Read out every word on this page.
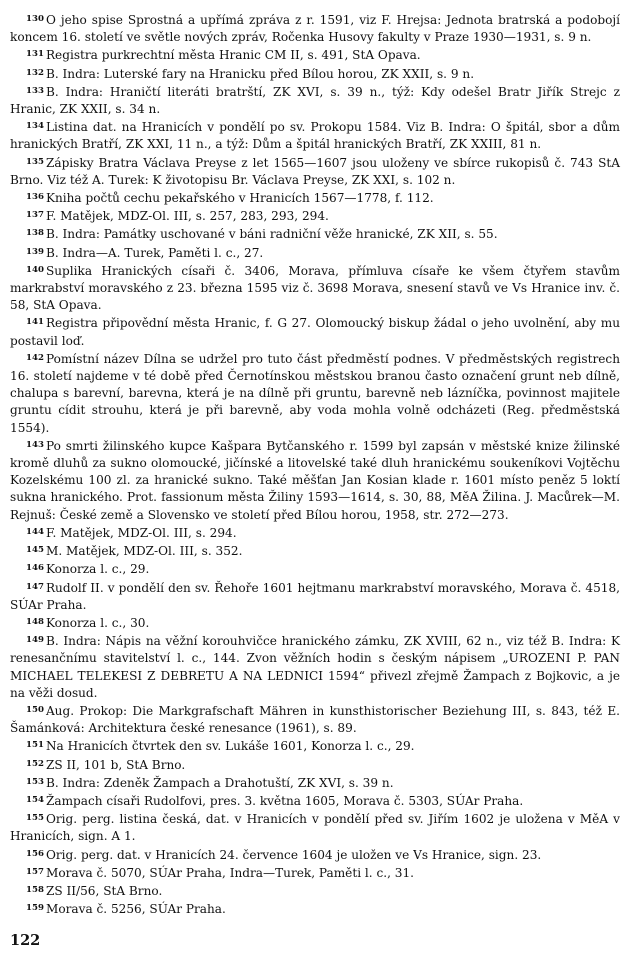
130 O jeho spise Sprostná a upřímá zpráva z r. 1591, viz F. Hrejsa: Jednota bratrská a podobojí koncem 16. století ve světle nových zpráv, Ročenka Husovy fakulty v Praze 1930—1931, s. 9 n.
131 Registra purkrechtní města Hranic CM II, s. 491, StA Opava.
132 B. Indra: Luterské fary na Hranicku před Bílou horou, ZK XXII, s. 9 n.
133 B. Indra: Hraničtí literáti bratrští, ZK XVI, s. 39 n., týž: Kdy odešel Bratr Jiřík Strejc z Hranic, ZK XXII, s. 34 n.
134 Listina dat. na Hranicích v pondělí po sv. Prokopu 1584. Viz B. Indra: O špitál, sbor a dům hranických Bratří, ZK XXI, 11 n., a týž: Dům a špitál hranických Bratří, ZK XXIII, 81 n.
135 Zápisky Bratra Václava Preyse z let 1565—1607 jsou uloženy ve sbírce rukopisů č. 743 StA Brno. Viz též A. Turek: K životopisu Br. Václava Preyse, ZK XXI, s. 102 n.
136 Kniha počtů cechu pekařského v Hranicích 1567—1778, f. 112.
137 F. Matějek, MDZ-Ol. III, s. 257, 283, 293, 294.
138 B. Indra: Památky uschované v báni radniční věže hranické, ZK XII, s. 55.
139 B. Indra—A. Turek, Paměti l. c., 27.
140 Suplika Hranických císaři č. 3406, Morava, přímluva císaře ke všem čtyřem stavům markrabství moravského z 23. března 1595 viz č. 3698 Morava, snesení stavů ve Vs Hranice inv. č. 58, StA Opava.
141 Registra připovědní města Hranic, f. G 27. Olomoucký biskup žádal o jeho uvolnění, aby mu postavil loď.
142 Pomístní název Dílna se udržel pro tuto část předměstí podnes. V předměstských registrech 16. století najdeme v té době před Černotínskou městskou branou často označení grunt neb dílně, chalupa s barevní, barevna, která je na dílně při gruntu, barevně neb lázníčka, povinnost majitele gruntu cídit strouhu, která je při barevně, aby voda mohla volně odcházeti (Reg. předměstská 1554).
143 Po smrti žilinského kupce Kašpara Bytčanského r. 1599 byl zapsán v městské knize žilinské kromě dluhů za sukno olomoucké, jičínské a litovelské také dluh hranickému soukeníkovi Vojtěchu Kozelskému 100 zl. za hranické sukno. Také měšťan Jan Kosian klade r. 1601 místo peněz 5 loktí sukna hranického. Prot. fassionum města Žiliny 1593—1614, s. 30, 88, MěA Žilina. J. Macůrek—M. Rejnuš: České země a Slovensko ve století před Bílou horou, 1958, str. 272—273.
144 F. Matějek, MDZ-Ol. III, s. 294.
145 M. Matějek, MDZ-Ol. III, s. 352.
146 Konorza l. c., 29.
147 Rudolf II. v pondělí den sv. Řehoře 1601 hejtmanu markrabství moravského, Morava č. 4518, SÚAr Praha.
148 Konorza l. c., 30.
149 B. Indra: Nápis na věžní korouhvičce hranického zámku, ZK XVIII, 62 n., viz též B. Indra: K renesančnímu stavitelství l. c., 144. Zvon věžních hodin s českým nápisem „UROZENI P. PAN MICHAEL TELEKESI Z DEBRETU A NA LEDNICI 1594“ přivezl zřejmě Žampach z Bojkovic, a je na věži dosud.
150 Aug. Prokop: Die Markgrafschaft Mähren in kunsthistorischer Beziehung III, s. 843, též E. Šamánková: Architektura české renesance (1961), s. 89.
151 Na Hranicích čtvrtek den sv. Lukáše 1601, Konorza l. c., 29.
152 ZS II, 101 b, StA Brno.
153 B. Indra: Zdeněk Žampach a Drahotuští, ZK XVI, s. 39 n.
154 Žampach císaři Rudolfovi, pres. 3. května 1605, Morava č. 5303, SÚAr Praha.
155 Orig. perg. listina česká, dat. v Hranicích v pondělí před sv. Jiřím 1602 je uložena v MěA v Hranicích, sign. A 1.
156 Orig. perg. dat. v Hranicích 24. července 1604 je uložen ve Vs Hranice, sign. 23.
157 Morava č. 5070, SÚAr Praha, Indra—Turek, Paměti l. c., 31.
158 ZS II/56, StA Brno.
159 Morava č. 5256, SÚAr Praha.
122
